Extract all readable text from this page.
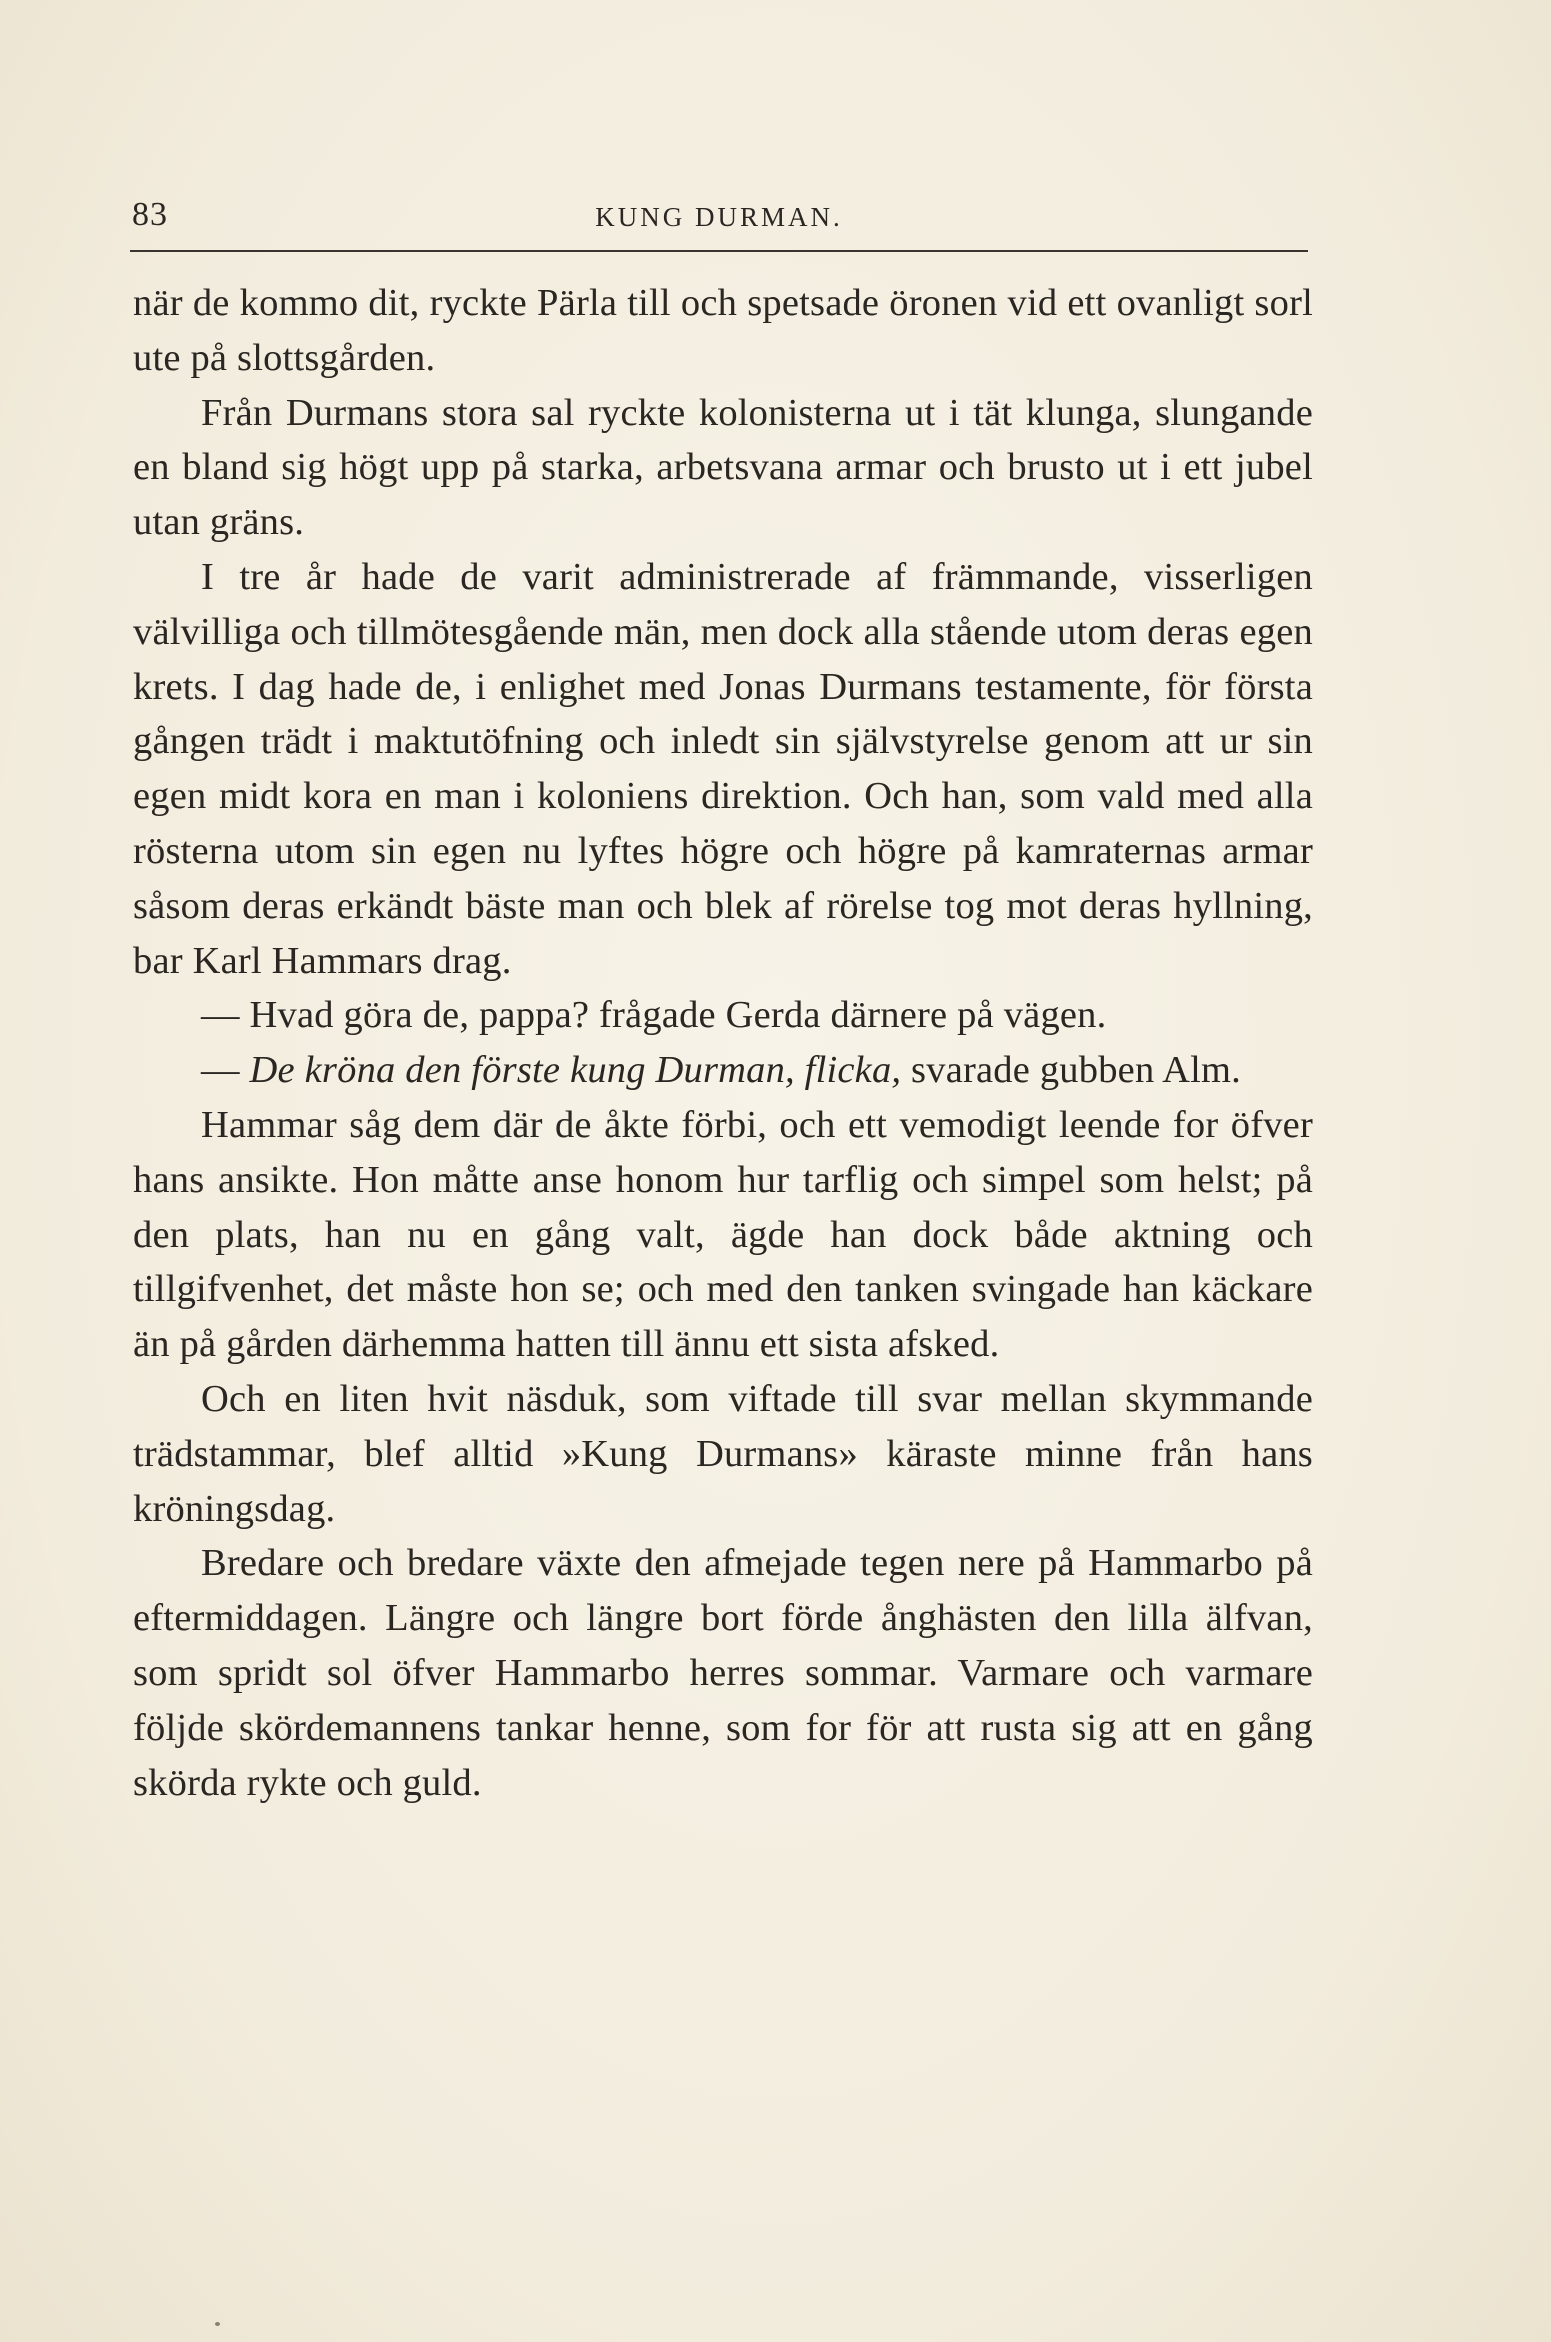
83	KUNG DURMAN.

när de kommo dit, ryckte Pärla till och spetsade öronen vid ett ovanligt sorl ute på slottsgården.

Från Durmans stora sal ryckte kolonisterna ut i tät klunga, slungande en bland sig högt upp på starka, arbetsvana armar och brusto ut i ett jubel utan gräns.

I tre år hade de varit administrerade af främmande, visserligen välvilliga och tillmötesgående män, men dock alla stående utom deras egen krets. I dag hade de, i enlighet med Jonas Durmans testamente, för första gången trädt i maktutöfning och inledt sin självstyrelse genom att ur sin egen midt kora en man i koloniens direktion. Och han, som vald med alla rösterna utom sin egen nu lyftes högre och högre på kamraternas armar såsom deras erkändt bäste man och blek af rörelse tog mot deras hyllning, bar Karl Hammars drag.

— Hvad göra de, pappa? frågade Gerda därnere på vägen.

— De kröna den förste kung Durman, flicka, svarade gubben Alm.

Hammar såg dem där de åkte förbi, och ett vemodigt leende for öfver hans ansikte. Hon måtte anse honom hur tarflig och simpel som helst; på den plats, han nu en gång valt, ägde han dock både aktning och tillgifvenhet, det måste hon se; och med den tanken svingade han käckare än på gården därhemma hatten till ännu ett sista afsked.

Och en liten hvit näsduk, som viftade till svar mellan skymmande trädstammar, blef alltid »Kung Durmans» käraste minne från hans kröningsdag.

Bredare och bredare växte den afmejade tegen nere på Hammarbo på eftermiddagen. Längre och längre bort förde ånghästen den lilla älfvan, som spridt sol öfver Hammarbo herres sommar. Varmare och varmare följde skördemannens tankar henne, som for för att rusta sig att en gång skörda rykte och guld.
